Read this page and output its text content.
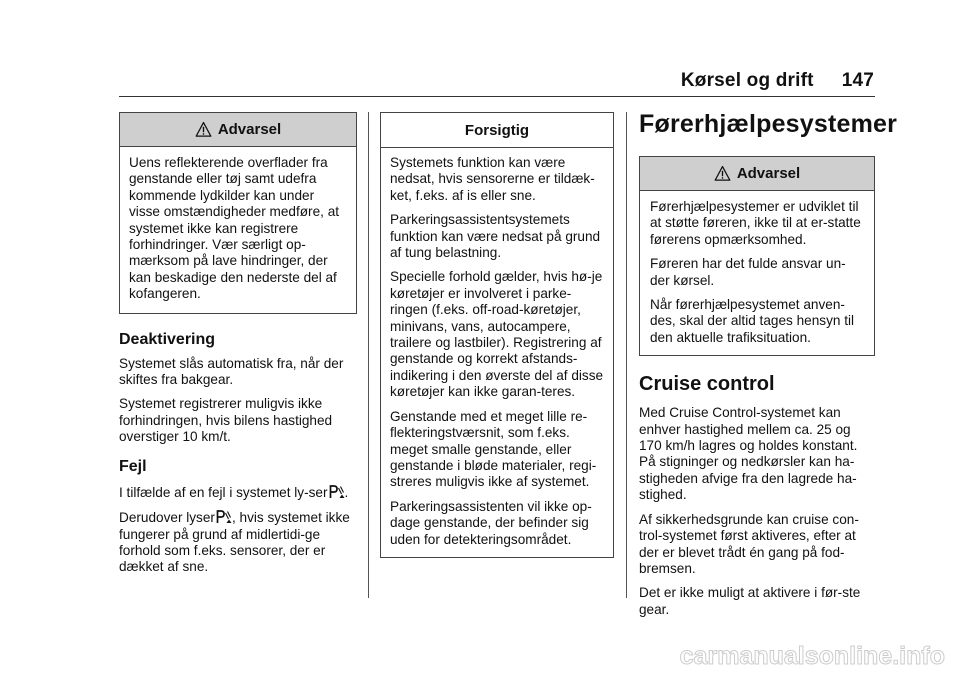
Kørsel og drift 147
Advarsel

Uens reflekterende overflader fra genstande eller tøj samt udefra kommende lydkilder kan under visse omstændigheder medføre, at systemet ikke kan registrere forhindringer. Vær særligt op-mærksom på lave hindringer, der kan beskadige den nederste del af kofangeren.

Deaktivering

Systemet slås automatisk fra, når der skiftes fra bakgear.

Systemet registrerer muligvis ikke forhindringen, hvis bilens hastighed overstiger 10 km/t.

Fejl

I tilfælde af en fejl i systemet ly-ser .

Derudover lyser , hvis systemet ikke fungerer på grund af midlertidi-ge forhold som f.eks. sensorer, der er dækket af sne.

Forsigtig

Systemets funktion kan være nedsat, hvis sensorerne er tildæk-ket, f.eks. af is eller sne.

Parkeringsassistentsystemets funktion kan være nedsat på grund af tung belastning.

Specielle forhold gælder, hvis hø-je køretøjer er involveret i parke-ringen (f.eks. off-road-køretøjer, minivans, vans, autocampere, trailere og lastbiler). Registrering af genstande og korrekt afstands-indikering i den øverste del af disse køretøjer kan ikke garan-teres.

Genstande med et meget lille re-flekteringstværsnit, som f.eks. meget smalle genstande, eller genstande i bløde materialer, regi-streres muligvis ikke af systemet.

Parkeringsassistenten vil ikke op-dage genstande, der befinder sig uden for detekteringsområdet.

Førerhjælpesystemer
Advarsel

Førerhjælpesystemer er udviklet til at støtte føreren, ikke til at er-statte førerens opmærksomhed.

Føreren har det fulde ansvar un-der kørsel.

Når førerhjælpesystemet anven-des, skal der altid tages hensyn til den aktuelle trafiksituation.

Cruise control

Med Cruise Control-systemet kan enhver hastighed mellem ca. 25 og 170 km/h lagres og holdes konstant. På stigninger og nedkørsler kan ha-stigheden afvige fra den lagrede ha-stighed.

Af sikkerhedsgrunde kan cruise con-trol-systemet først aktiveres, efter at der er blevet trådt én gang på fod-bremsen.

Det er ikke muligt at aktivere i før-ste gear.

carmanualsonline.info
